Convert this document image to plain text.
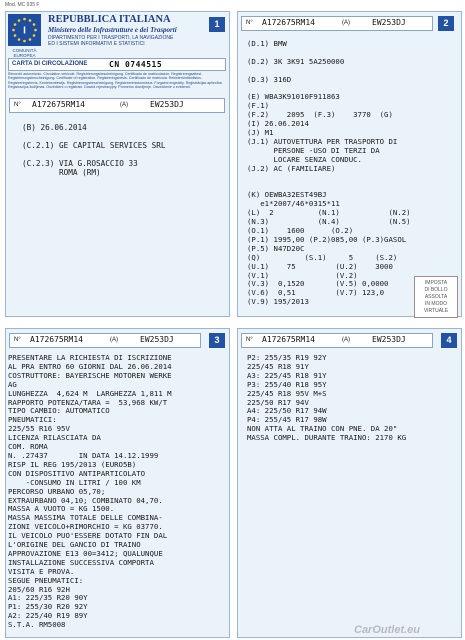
Mod. MC 935 F
1
I
COMUNITÀ EUROPEA
REPUBBLICA ITALIANA
Ministero delle Infrastrutture e dei Trasporti
DIPARTIMENTO PER I TRASPORTI, LA NAVIGAZIONE
ED I SISTEMI INFORMATIVI E STATISTICI
CARTA DI CIRCOLAZIONE	CN 0744515
Rimorchi autoveicolo. Circolation vehicule. Registrierungsbescheinigung. Certificado de matriculación. Registreringsattest. Registrierungsbescheinigung. Certificate of registration. Registreringsbevis. Certificado de matrícula. Rekisteröintitodistus. Registreringsbevis. Kentekenbewijs. Registrierungsbescheinigung. Registreerimistunnistus. Forgalmi engedély. Reģistrācijas apliecība. Registracijos liudijimas. Osvědčení o registraci. Dowód rejestracyjny. Prometno dovoljenje. Osvedčenie o evidencii.
N° A172675RM14	(A)	EW253DJ
(B) 26.06.2014

(C.2.1) GE CAPITAL SERVICES SRL

(C.2.3) VIA G.ROSACCIO 33
ROMA (RM)
N° A172675RM14	(A)	EW253DJ	2
(D.1) BMW

(D.2) 3K 3K91 5A250000

(D.3) 316D

(E) WBA3K91010F911863
(F.1)
(F.2)    2095  (F.3)    3770  (G)
(I) 26.06.2014
(J) M1
(J.1) AUTOVETTURA PER TRASPORTO DI
PERSONE -USO DI TERZI DA
LOCARE SENZA CONDUC.
(J.2) AC (FAMILIARE)

(K) OEWBA32EST49BJ
e1*2007/46*0315*11
(L)  2          (N.1)           (N.2)
(N.3)           (N.4)           (N.5)
(O.1)    1600      (O.2)
(P.1) 1995,00 (P.2)085,00 (P.3)GASOL
(P.5) N47D20C
(Q)          (S.1)     5     (S.2)
(U.1)    75         (U.2)    3000
(V.1)               (V.2)
(V.3)  0,1520       (V.5) 0,0000
(V.6)  0,51         (V.7) 123,0
(V.9) 195/2013
IMPOSTA
DI BOLLO
ASSOLTA
IN MODO
VIRTUALE
N° A172675RM14	(A)	EW253DJ	3
PRESENTARE LA RICHIESTA DI ISCRIZIONE
AL PRA ENTRO 60 GIORNI DAL 26.06.2014
COSTRUTTORE: BAYERISCHE MOTOREN WERKE
AG
LUNGHEZZA  4,624 M  LARGHEZZA 1,811 M
RAPPORTO POTENZA/TARA =  53,968 KW/T
TIPO CAMBIO: AUTOMATICO
PNEUMATICI:
225/55 R16 95V
LICENZA RILASCIATA DA
COM. ROMA
N. .27437       IN DATA 14.12.1999
RISP IL REG 195/2013 (EURO5B)
CON DISPOSITIVO ANTIPARTICOLATO
-CONSUMO IN LITRI / 100 KM
PERCORSO URBANO 05,70;
EXTRAURBANO 04,10; COMBINATO 04,70.
MASSA A VUOTO = KG 1500.
MASSA MASSIMA TOTALE DELLE COMBINA-
ZIONI VEICOLO+RIMORCHIO = KG 03770.
IL VEICOLO PUO'ESSERE DOTATO FIN DAL
L'ORIGINE DEL GANCIO DI TRAINO
APPROVAZIONE E13 00=3412; QUALUNQUE
INSTALLAZIONE SUCCESSIVA COMPORTA
VISITA E PROVA.
SEGUE PNEUMATICI:
205/60 R16 92H
A1: 225/35 R20 90Y
P1: 255/30 R20 92Y
A2: 225/40 R19 89Y
S.T.A. RM5008
N° A172675RM14	(A)	EW253DJ	4
P2: 255/35 R19 92Y
225/45 R18 91Y
A3: 225/45 R18 91Y
P3: 255/40 R18 95Y
225/45 R18 95V M+S
225/50 R17 94V
A4: 225/50 R17 94W
P4: 255/45 R17 98W
NON ATTA AL TRAINO CON PNE. DA 20"
MASSA COMPL. DURANTE TRAINO: 2170 KG
CarOutlet.eu
